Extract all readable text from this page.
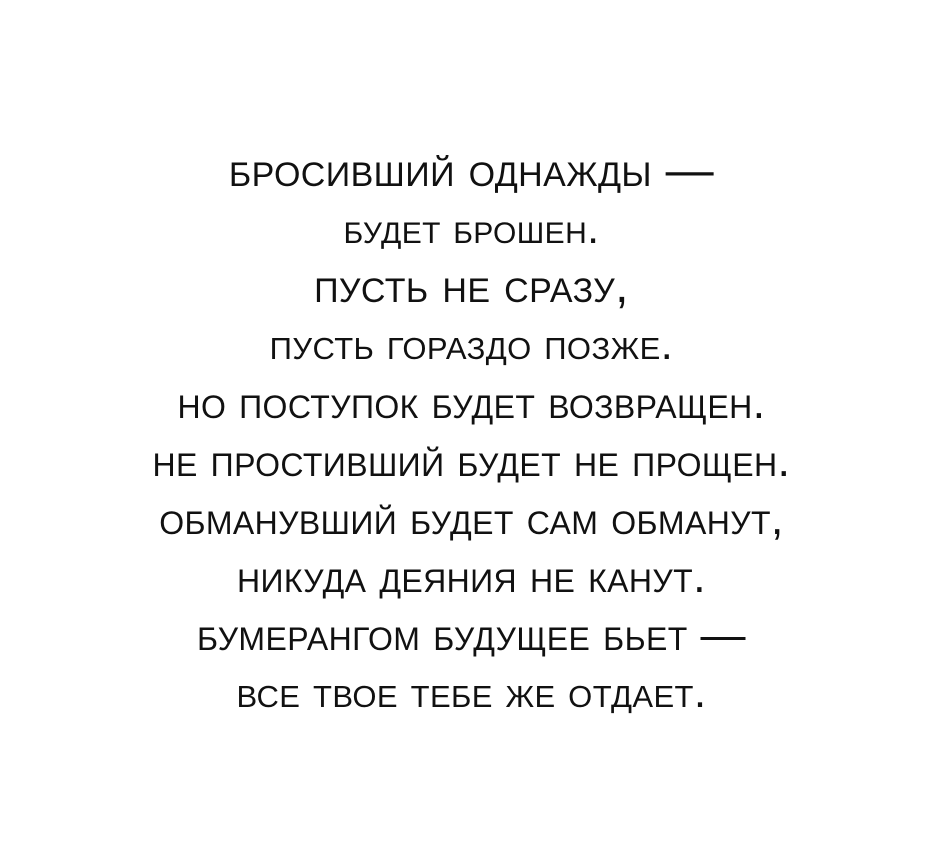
бросивший однажды —
будет брошен.
пусть не сразу,
пусть гораздо позже.
но поступок будет возвращен.
не простивший будет не прощен.
обманувший будет сам обманут,
никуда деяния не канут.
бумерангом будущее бьет —
все твое тебе же отдает.
